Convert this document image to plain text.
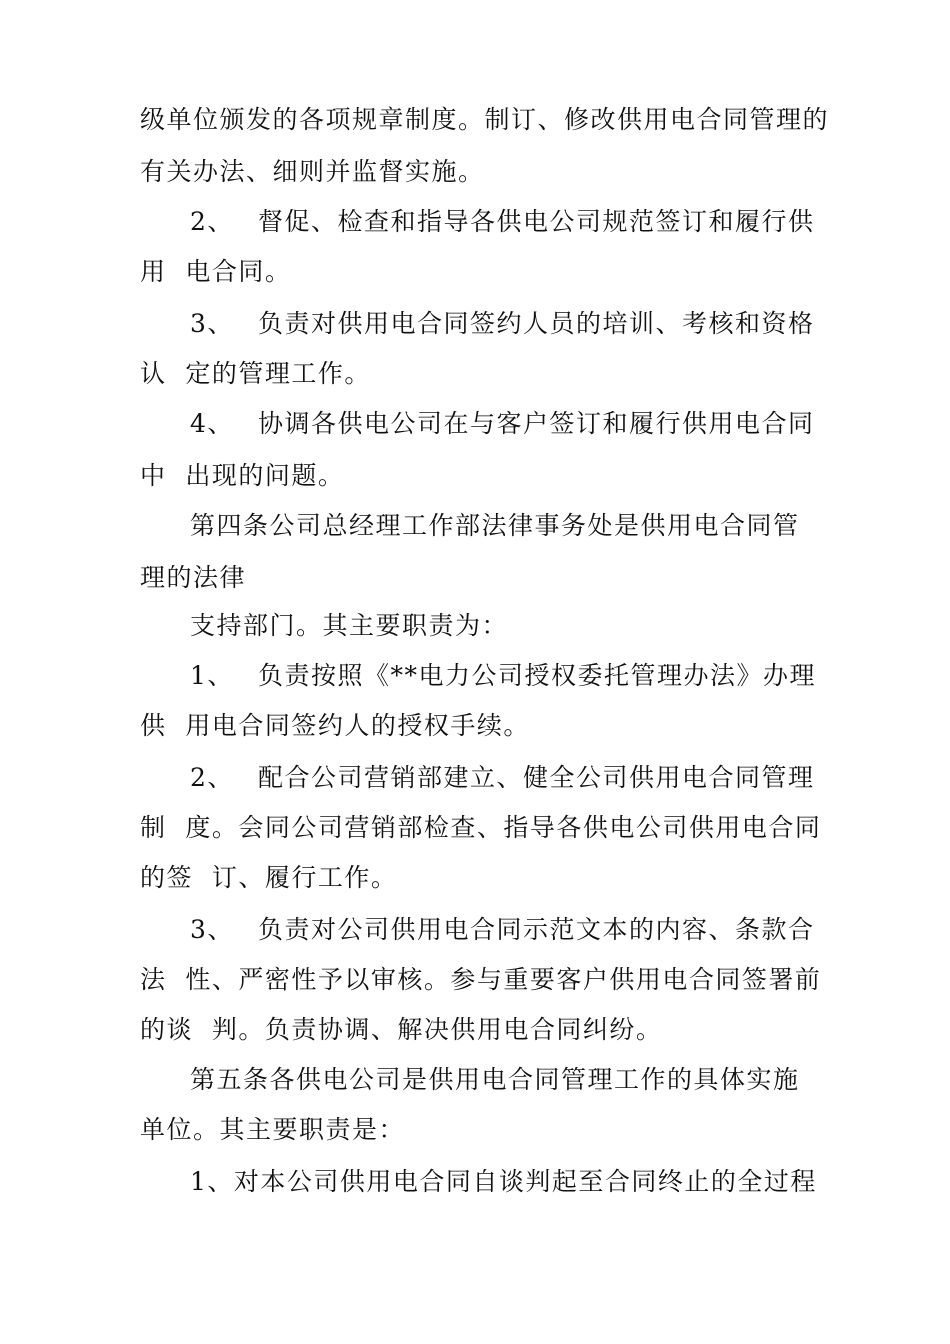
级单位颁发的各项规章制度。制订、修改供用电合同管理的
有关办法、细则并监督实施。
2、 督促、检查和指导各供电公司规范签订和履行供
用  电合同。
3、 负责对供用电合同签约人员的培训、考核和资格
认  定的管理工作。
4、 协调各供电公司在与客户签订和履行供用电合同
中  出现的问题。
第四条公司总经理工作部法律事务处是供用电合同管
理的法律
支持部门。其主要职责为：
1、 负责按照《**电力公司授权委托管理办法》办理
供  用电合同签约人的授权手续。
2、 配合公司营销部建立、健全公司供用电合同管理
制  度。会同公司营销部检查、指导各供电公司供用电合同
的签  订、履行工作。
3、 负责对公司供用电合同示范文本的内容、条款合
法  性、严密性予以审核。参与重要客户供用电合同签署前
的谈  判。负责协调、解决供用电合同纠纷。
第五条各供电公司是供用电合同管理工作的具体实施
单位。其主要职责是：
1、对本公司供用电合同自谈判起至合同终止的全过程
